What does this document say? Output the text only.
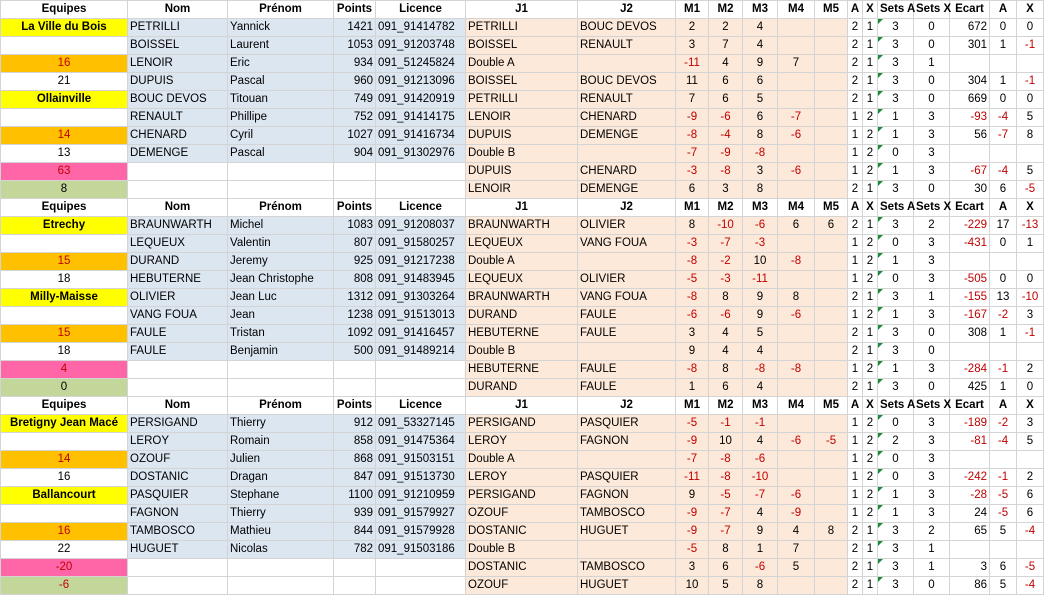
Equipes	Nom	Prénom	Points	Licence	J1	J2	M1	M2	M3	M4	M5	A	X	Sets A	Sets X	Ecart	A	X
La Ville du Bois	PETRILLI	Yannick	1421	091_91414782	PETRILLI	BOUC DEVOS	2	2	4			2	1	3	0	672	0	0
	BOISSEL	Laurent	1053	091_91203748	BOISSEL	RENAULT	3	7	4			2	1	3	0	301	1	-1
16	LENOIR	Eric	934	091_51245824	Double A		-11	4	9	7		2	1	3	1			
21	DUPUIS	Pascal	960	091_91213096	BOISSEL	BOUC DEVOS	11	6	6			2	1	3	0	304	1	-1
Ollainville	BOUC DEVOS	Titouan	749	091_91420919	PETRILLI	RENAULT	7	6	5			2	1	3	0	669	0	0
	RENAULT	Phillipe	752	091_91414175	LENOIR	CHENARD	-9	-6	6	-7		1	2	1	3	-93	-4	5
14	CHENARD	Cyril	1027	091_91416734	DUPUIS	DEMENGE	-8	-4	8	-6		1	2	1	3	56	-7	8
13	DEMENGE	Pascal	904	091_91302976	Double B		-7	-9	-8			1	2	0	3			
63					DUPUIS	CHENARD	-3	-8	3	-6		1	2	1	3	-67	-4	5
8					LENOIR	DEMENGE	6	3	8			2	1	3	0	30	6	-5
Equipes	Nom	Prénom	Points	Licence	J1	J2	M1	M2	M3	M4	M5	A	X	Sets A	Sets X	Ecart	A	X
Etrechy	BRAUNWARTH	Michel	1083	091_91208037	BRAUNWARTH	OLIVIER	8	-10	-6	6	6	2	1	3	2	-229	17	-13
	LEQUEUX	Valentin	807	091_91580257	LEQUEUX	VANG FOUA	-3	-7	-3			1	2	0	3	-431	0	1
15	DURAND	Jeremy	925	091_91217238	Double A		-8	-2	10	-8		1	2	1	3			
18	HEBUTERNE	Jean Christophe	808	091_91483945	LEQUEUX	OLIVIER	-5	-3	-11			1	2	0	3	-505	0	0
Milly-Maisse	OLIVIER	Jean Luc	1312	091_91303264	BRAUNWARTH	VANG FOUA	-8	8	9	8		2	1	3	1	-155	13	-10
	VANG FOUA	Jean	1238	091_91513013	DURAND	FAULE	-6	-6	9	-6		1	2	1	3	-167	-2	3
15	FAULE	Tristan	1092	091_91416457	HEBUTERNE	FAULE	3	4	5			2	1	3	0	308	1	-1
18	FAULE	Benjamin	500	091_91489214	Double B		9	4	4			2	1	3	0			
4					HEBUTERNE	FAULE	-8	8	-8	-8		1	2	1	3	-284	-1	2
0					DURAND	FAULE	1	6	4			2	1	3	0	425	1	0
Equipes	Nom	Prénom	Points	Licence	J1	J2	M1	M2	M3	M4	M5	A	X	Sets A	Sets X	Ecart	A	X
Bretigny Jean Macé	PERSIGAND	Thierry	912	091_53327145	PERSIGAND	PASQUIER	-5	-1	-1			1	2	0	3	-189	-2	3
	LEROY	Romain	858	091_91475364	LEROY	FAGNON	-9	10	4	-6	-5	1	2	2	3	-81	-4	5
14	OZOUF	Julien	868	091_91503151	Double A		-7	-8	-6			1	2	0	3			
16	DOSTANIC	Dragan	847	091_91513730	LEROY	PASQUIER	-11	-8	-10			1	2	0	3	-242	-1	2
Ballancourt	PASQUIER	Stephane	1100	091_91210959	PERSIGAND	FAGNON	9	-5	-7	-6		1	2	1	3	-28	-5	6
	FAGNON	Thierry	939	091_91579927	OZOUF	TAMBOSCO	-9	-7	4	-9		1	2	1	3	24	-5	6
16	TAMBOSCO	Mathieu	844	091_91579928	DOSTANIC	HUGUET	-9	-7	9	4	8	2	1	3	2	65	5	-4
22	HUGUET	Nicolas	782	091_91503186	Double B		-5	8	1	7		2	1	3	1			
-20					DOSTANIC	TAMBOSCO	3	6	-6	5		2	1	3	1	3	6	-5
-6					OZOUF	HUGUET	10	5	8			2	1	3	0	86	5	-4
